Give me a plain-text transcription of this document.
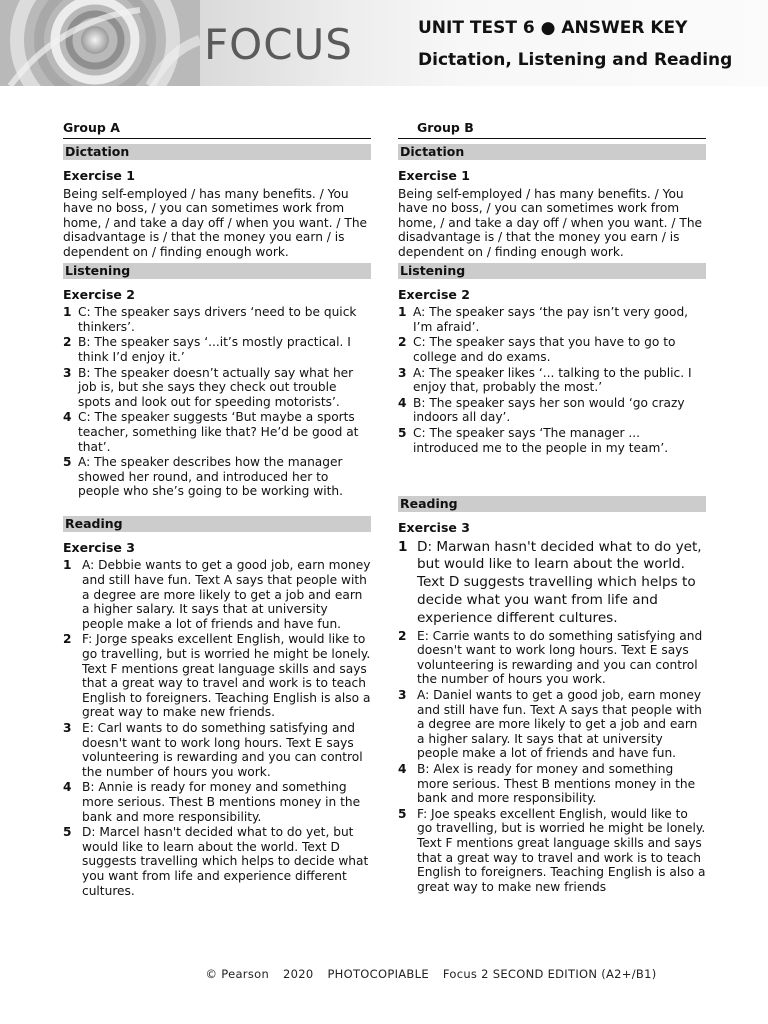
FOCUS	UNIT TEST 6 ● ANSWER KEY
Dictation, Listening and Reading
Group A
Dictation
Exercise 1

Being self-employed / has many benefits. / You have no boss, / you can sometimes work from home, / and take a day off / when you want. / The disadvantage is / that the money you earn / is dependent on / finding enough work.

Listening
Exercise 2
1 C: The speaker says drivers ‘need to be quick thinkers’.
2 B: The speaker says ‘...it’s mostly practical. I think I’d enjoy it.’
3 B: The speaker doesn’t actually say what her job is, but she says they check out trouble spots and look out for speeding motorists’.
4 C: The speaker suggests ‘But maybe a sports teacher, something like that? He’d be good at that’.
5 A: The speaker describes how the manager showed her round, and introduced her to people who she’s going to be working with.
Reading
Exercise 3
1 A: Debbie wants to get a good job, earn money and still have fun. Text A says that people with a degree are more likely to get a job and earn a higher salary. It says that at university people make a lot of friends and have fun.
2 F: Jorge speaks excellent English, would like to go travelling, but is worried he might be lonely. Text F mentions great language skills and says that a great way to travel and work is to teach English to foreigners. Teaching English is also a great way to make new friends.
3 E: Carl wants to do something satisfying and doesn't want to work long hours. Text E says volunteering is rewarding and you can control the number of hours you work.
4 B: Annie is ready for money and something more serious. Thest B mentions money in the bank and more responsibility.
5 D: Marcel hasn't decided what to do yet, but would like to learn about the world. Text D suggests travelling which helps to decide what you want from life and experience different cultures.
Group B
Dictation
Exercise 1

Being self-employed / has many benefits. / You have no boss, / you can sometimes work from home, / and take a day off / when you want. / The disadvantage is / that the money you earn / is dependent on / finding enough work.

Listening
Exercise 2
1 A: The speaker says ‘the pay isn’t very good, I’m afraid’.
2 C: The speaker says that you have to go to college and do exams.
3 A: The speaker likes ‘... talking to the public. I enjoy that, probably the most.’
4 B: The speaker says her son would ‘go crazy indoors all day’.
5 C: The speaker says ‘The manager ... introduced me to the people in my team’.
Reading
Exercise 3
1 D: Marwan hasn't decided what to do yet, but would like to learn about the world. Text D suggests travelling which helps to decide what you want from life and experience different cultures.
2 E: Carrie wants to do something satisfying and doesn't want to work long hours. Text E says volunteering is rewarding and you can control the number of hours you work.
3 A: Daniel wants to get a good job, earn money and still have fun. Text A says that people with a degree are more likely to get a job and earn a higher salary. It says that at university people make a lot of friends and have fun.
4 B: Alex is ready for money and something more serious. Thest B mentions money in the bank and more responsibility.
5 F: Joe speaks excellent English, would like to go travelling, but is worried he might be lonely. Text F mentions great language skills and says that a great way to travel and work is to teach English to foreigners. Teaching English is also a great way to make new friends
© Pearson 2020 PHOTOCOPIABLE Focus 2 SECOND EDITION (A2+/B1)
